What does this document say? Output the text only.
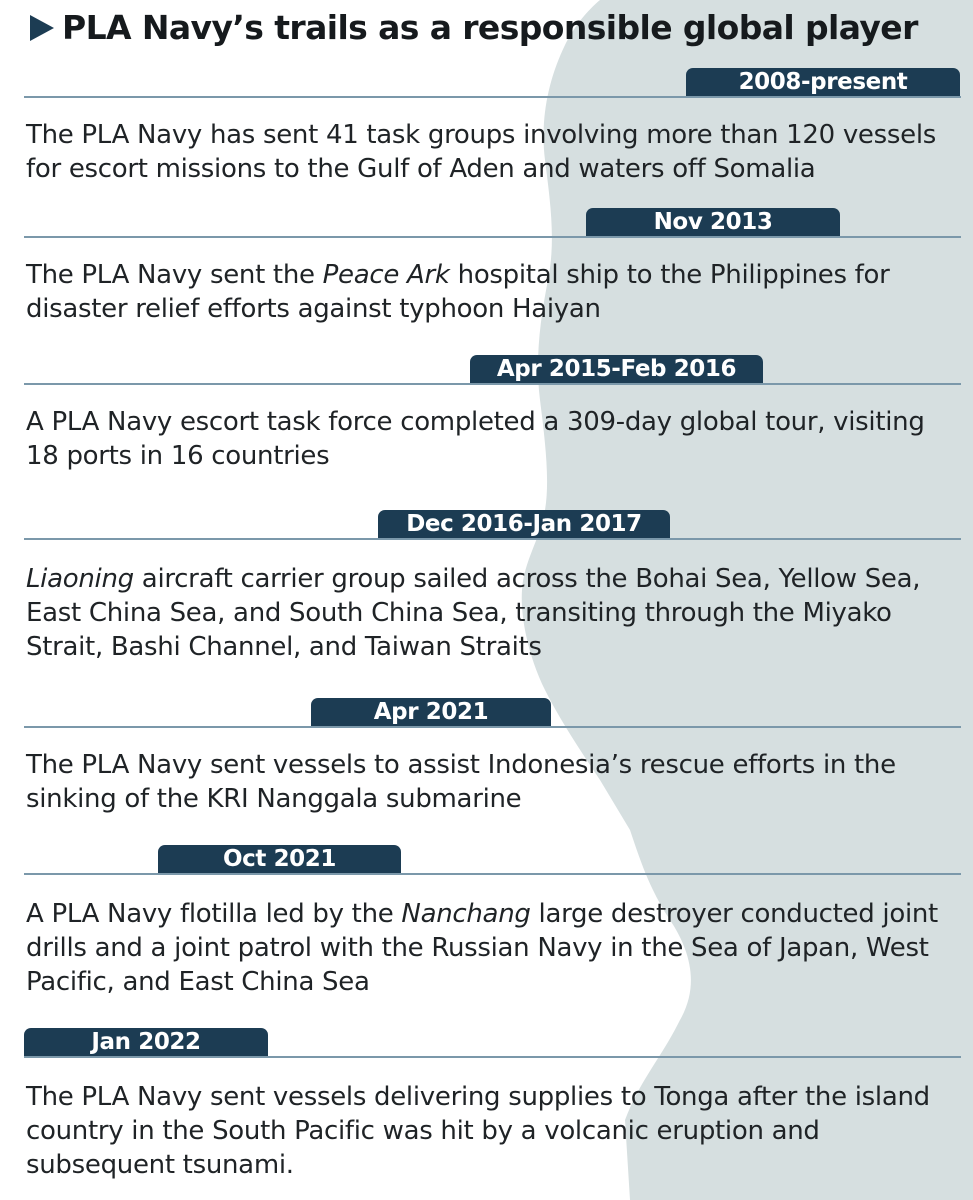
PLA Navy’s trails as a responsible global player
2008-present

The PLA Navy has sent 41 task groups involving more than 120 vessels for escort missions to the Gulf of Aden and waters off Somalia

Nov 2013

The PLA Navy sent the Peace Ark hospital ship to the Philippines for disaster relief efforts against typhoon Haiyan

Apr 2015-Feb 2016

A PLA Navy escort task force completed a 309-day global tour, visiting 18 ports in 16 countries

Dec 2016-Jan 2017

Liaoning aircraft carrier group sailed across the Bohai Sea, Yellow Sea, East China Sea, and South China Sea, transiting through the Miyako Strait, Bashi Channel, and Taiwan Straits

Apr 2021

The PLA Navy sent vessels to assist Indonesia’s rescue efforts in the sinking of the KRI Nanggala submarine

Oct 2021

A PLA Navy flotilla led by the Nanchang large destroyer conducted joint drills and a joint patrol with the Russian Navy in the Sea of Japan, West Pacific, and East China Sea

Jan 2022

The PLA Navy sent vessels delivering supplies to Tonga after the island country in the South Pacific was hit by a volcanic eruption and subsequent tsunami.
